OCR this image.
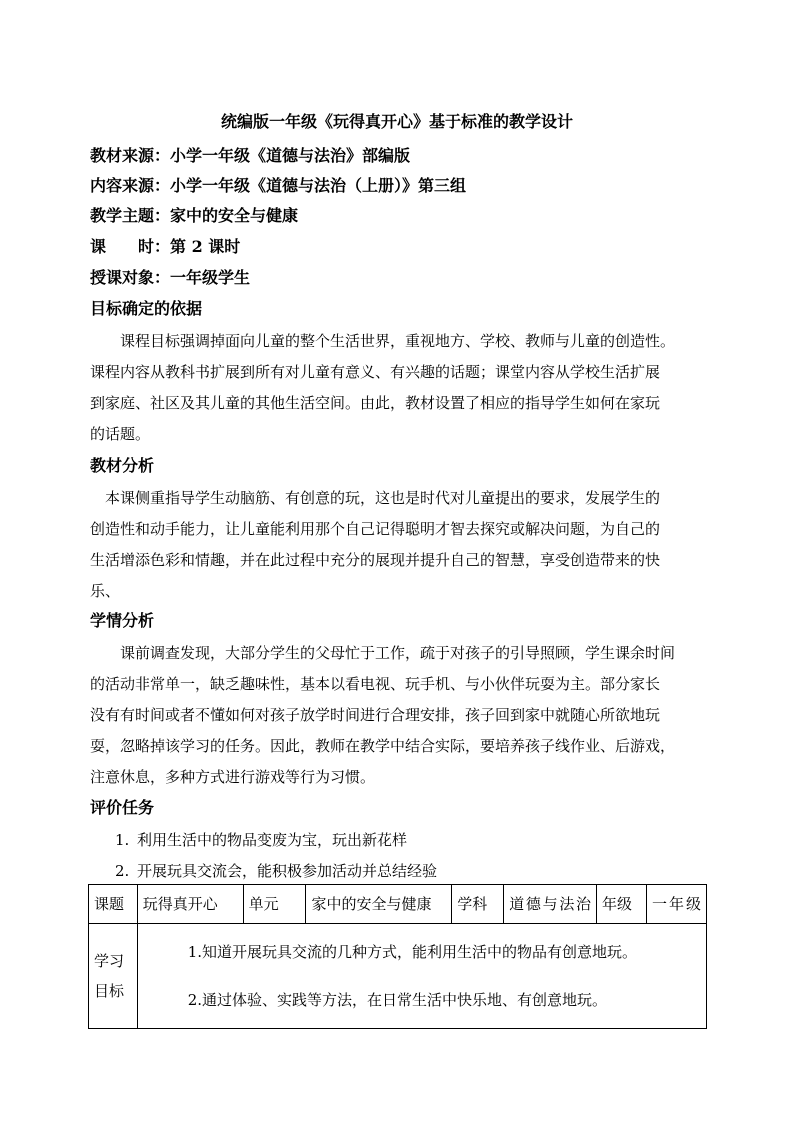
统编版一年级《玩得真开心》基于标准的教学设计
教材来源：小学一年级《道德与法治》部编版
内容来源：小学一年级《道德与法治（上册）》第三组
教学主题：家中的安全与健康
课　　时：第 2 课时
授课对象：一年级学生
目标确定的依据
　　课程目标强调掉面向儿童的整个生活世界，重视地方、学校、教师与儿童的创造性。
课程内容从教科书扩展到所有对儿童有意义、有兴趣的话题；课堂内容从学校生活扩展
到家庭、社区及其儿童的其他生活空间。由此，教材设置了相应的指导学生如何在家玩
的话题。
教材分析
　本课侧重指导学生动脑筋、有创意的玩，这也是时代对儿童提出的要求，发展学生的
创造性和动手能力，让儿童能利用那个自己记得聪明才智去探究或解决问题，为自己的
生活增添色彩和情趣，并在此过程中充分的展现并提升自己的智慧，享受创造带来的快
乐、
学情分析
　　课前调查发现，大部分学生的父母忙于工作，疏于对孩子的引导照顾，学生课余时间
的活动非常单一，缺乏趣味性，基本以看电视、玩手机、与小伙伴玩耍为主。部分家长
没有有时间或者不懂如何对孩子放学时间进行合理安排，孩子回到家中就随心所欲地玩
耍，忽略掉该学习的任务。因此，教师在教学中结合实际，要培养孩子线作业、后游戏，
注意休息，多种方式进行游戏等行为习惯。
评价任务
1. 利用生活中的物品变废为宝，玩出新花样
2. 开展玩具交流会，能积极参加活动并总结经验
课题	玩得真开心	单元	家中的安全与健康	学科	道德与法治	年级	一年级
学习目标	1.知道开展玩具交流的几种方式，能利用生活中的物品有创意地玩。
2.通过体验、实践等方法，在日常生活中快乐地、有创意地玩。						
